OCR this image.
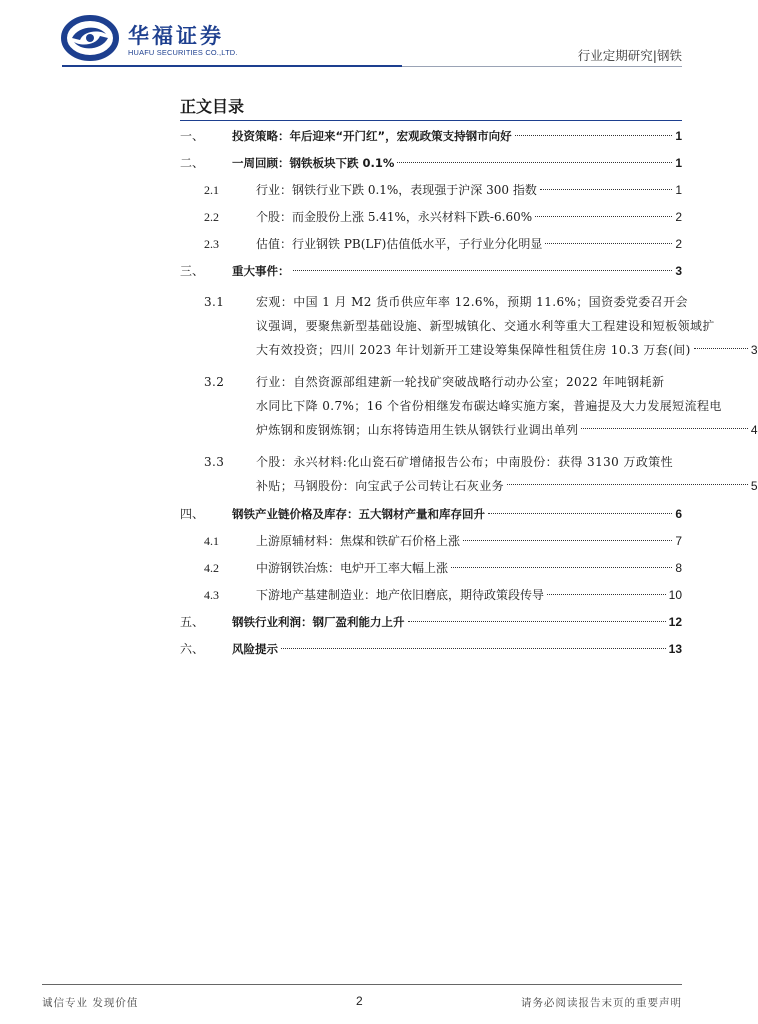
华福证券
HUAFU SECURITIES CO.,LTD.	行业定期研究|钢铁
正文目录
一、	投资策略：年后迎来“开门红”，宏观政策支持钢市向好	1
二、	一周回顾：钢铁板块下跌 0.1%	1
2.1	行业：钢铁行业下跌 0.1%，表现强于沪深 300 指数	1
2.2	个股：而金股份上涨 5.41%，永兴材料下跌-6.60%	2
2.3	估值：行业钢铁 PB(LF)估值低水平，子行业分化明显	2
三、	重大事件：	3
3.1	宏观：中国 1 月 M2 货币供应年率 12.6%，预期 11.6%；国资委党委召开会
议强调，要聚焦新型基础设施、新型城镇化、交通水利等重大工程建设和短板领域扩
大有效投资；四川 2023 年计划新开工建设筹集保障性租赁住房 10.3 万套(间)	3
3.2	行业：自然资源部组建新一轮找矿突破战略行动办公室；2022 年吨钢耗新
水同比下降 0.7%；16 个省份相继发布碳达峰实施方案，普遍提及大力发展短流程电
炉炼钢和废钢炼钢；山东将铸造用生铁从钢铁行业调出单列	4
3.3	个股：永兴材料:化山瓷石矿增储报告公布；中南股份：获得 3130 万政策性
补贴；马钢股份：向宝武子公司转让石灰业务	5
四、	钢铁产业链价格及库存：五大钢材产量和库存回升	6
4.1	上游原辅材料：焦煤和铁矿石价格上涨	7
4.2	中游钢铁冶炼：电炉开工率大幅上涨	8
4.3	下游地产基建制造业：地产依旧磨底，期待政策段传导	10
五、	钢铁行业利润：钢厂盈利能力上升	12
六、	风险提示	13
诚信专业 发现价值	2	请务必阅读报告末页的重要声明
